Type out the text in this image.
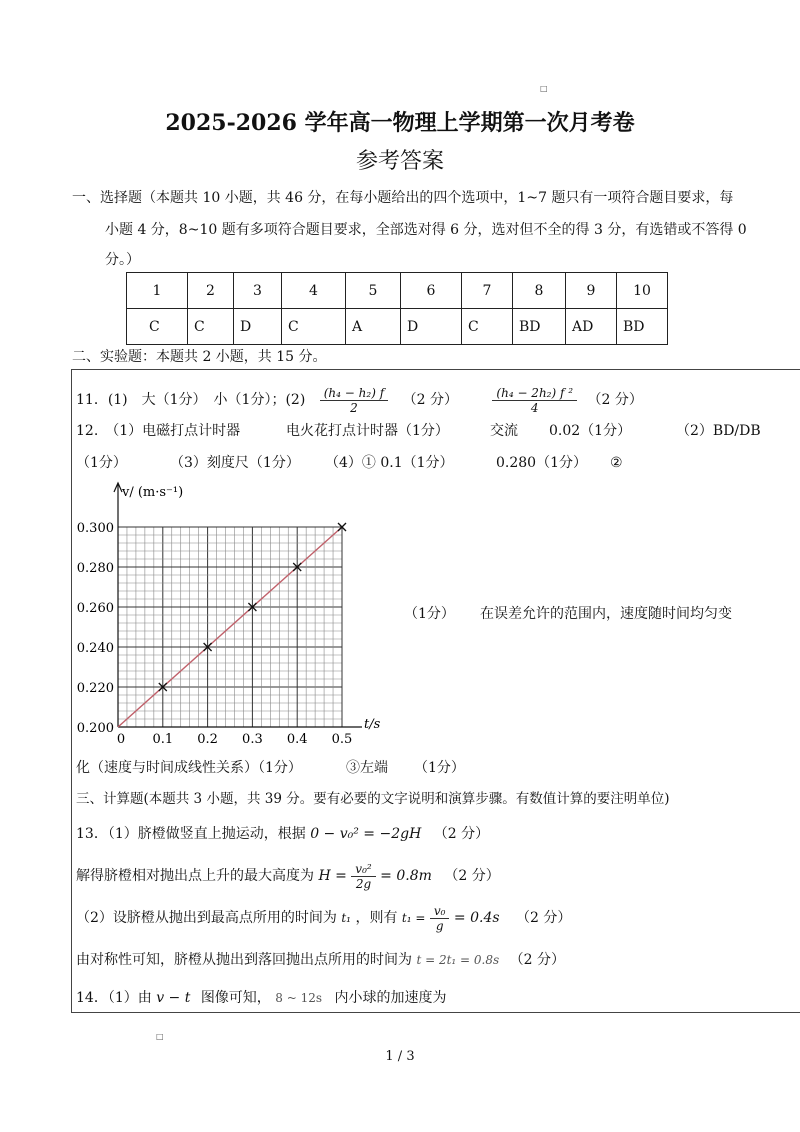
□
2025-2026 学年高一物理上学期第一次月考卷
参考答案
一、选择题（本题共 10 小题，共 46 分，在每小题给出的四个选项中，1~7 题只有一项符合题目要求，每
小题 4 分，8~10 题有多项符合题目要求，全部选对得 6 分，选对但不全的得 3 分，有选错或不答得 0
分。）
1	2	3	4	5	6	7	8	9	10
C	C	D	C	A	D	C	BD	AD	BD
二、实验题：本题共 2 小题，共 15 分。
11．(1)　大（1分）　小（1分）；$(2) \frac{\text{(h₄ − h₂) f}}{2} (2$ 分）	$\frac{\text{(h₄ − 2h₂) f ²}}{4} (2$ 分）
12.　（1）电磁打点计时器	电火花打点计时器（1分）	交流 0.02（1分）	（2）BD/DB
（1分）	（3）刻度尺（1分） （4）① 0.1（1分）	0.280（1分） ②
v/ (m·s⁻¹)
t/s
0 0.1 0.2 0.3 0.4 0.5
0.200
0.220
0.240
0.260
0.280
0.300
（1分） 在误差允许的范围内，速度随时间均匀变
化（速度与时间成线性关系）（1分）	③左端 （1分）
三、计算题(本题共 3 小题，共 39 分。要有必要的文字说明和演算步骤。有数值计算的要注明单位)
13．（1）脐橙做竖直上抛运动，根据 0 − v₀² = −2gH （2 分）
解得脐橙相对抛出点上升的最大高度为 $H = \frac{\text{v₀²}}{2g} = 0.8m$ （2 分）
（2）设脐橙从抛出到最高点所用的时间为 t₁ ，则有 $t_1 = \frac{\text{v₀}}{g} = 0.4s$ （2 分）
由对称性可知，脐橙从抛出到落回抛出点所用的时间为 t = 2t₁ = 0.8s （2 分）
14．（1）由 v − t 图像可知， 8 ~ 12s 内小球的加速度为
□
1 / 3
